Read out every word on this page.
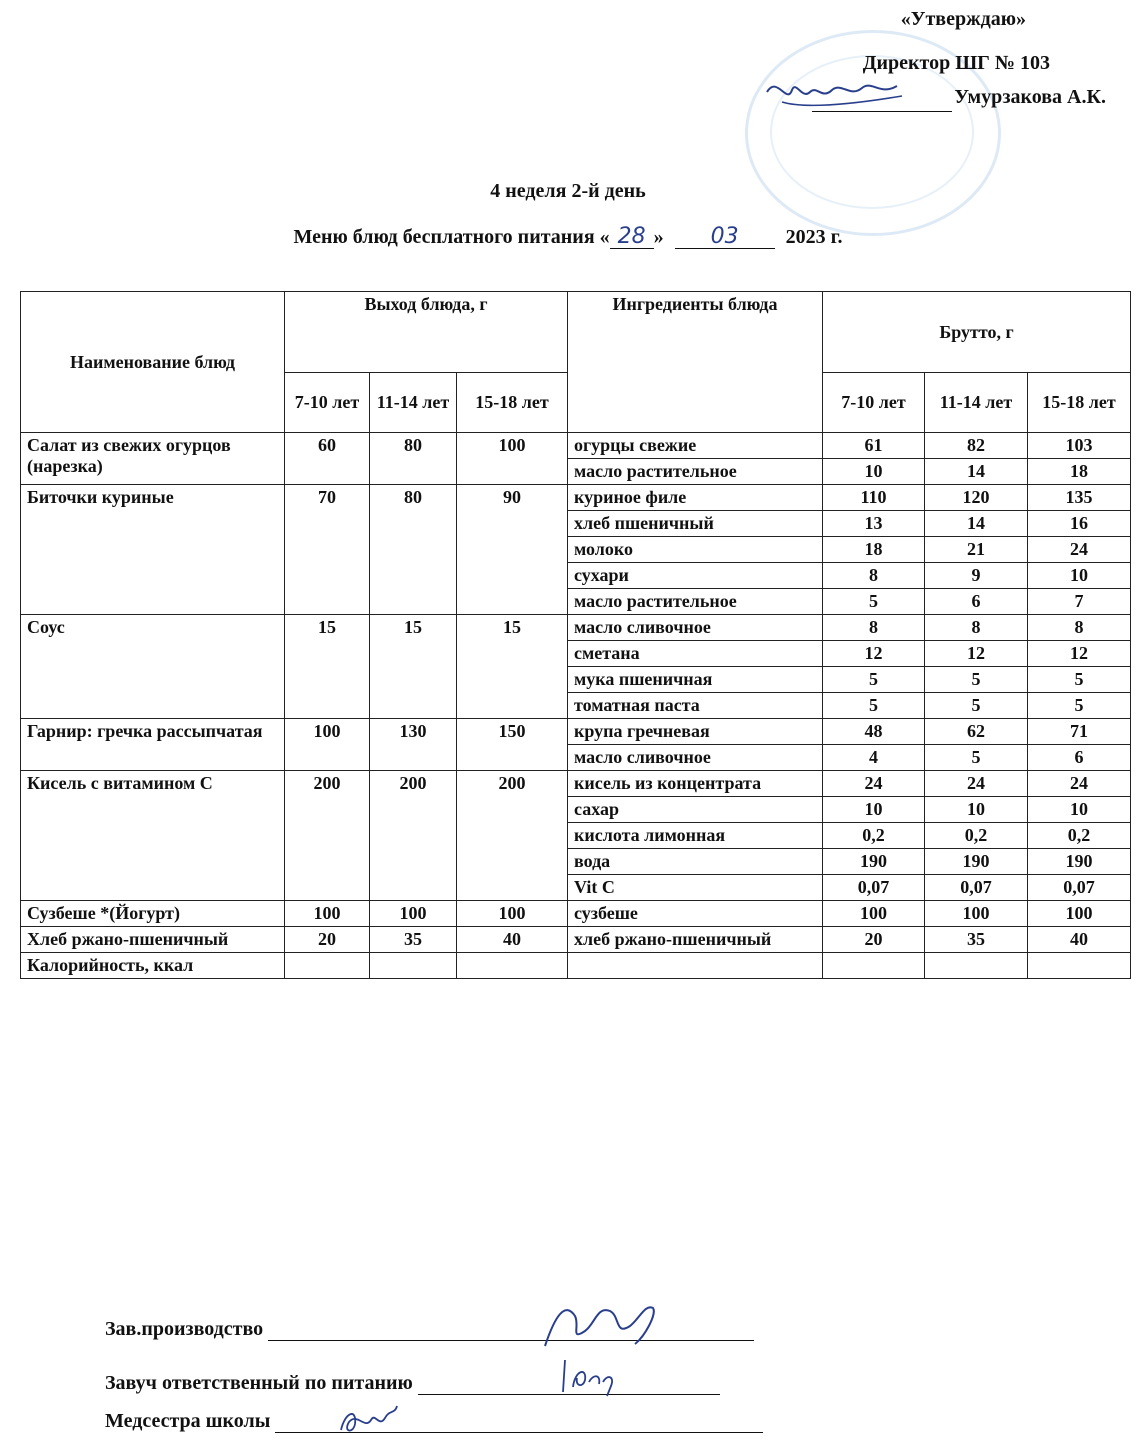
«Утверждаю»
Директор ШГ № 103
Умурзакова А.К.
4 неделя 2-й день
Меню блюд бесплатного питания « 28 » 03 2023 г.
Наименование блюд	Выход блюда, г			Ингредиенты блюда	Брутто, г		
	7-10 лет	11-14 лет	15-18 лет		7-10 лет	11-14 лет	15-18 лет
Салат из свежих огурцов (нарезка)	60	80	100	огурцы свежие	61	82	103
				масло растительное	10	14	18
Биточки куриные	70	80	90	куриное филе	110	120	135
				хлеб пшеничный	13	14	16
				молоко	18	21	24
				сухари	8	9	10
				масло растительное	5	6	7
Соус	15	15	15	масло сливочное	8	8	8
				сметана	12	12	12
				мука пшеничная	5	5	5
				томатная паста	5	5	5
Гарнир: гречка рассыпчатая	100	130	150	крупа гречневая	48	62	71
				масло сливочное	4	5	6
Кисель с витамином С	200	200	200	кисель из концентрата	24	24	24
				сахар	10	10	10
				кислота лимонная	0,2	0,2	0,2
				вода	190	190	190
				Vit C	0,07	0,07	0,07
Сузбеше *(Йогурт)	100	100	100	сузбеше	100	100	100
Хлеб ржано-пшеничный	20	35	40	хлеб ржано-пшеничный	20	35	40
Калорийность, ккал							
Зав.производство
Завуч ответственный по питанию
Медсестра школы
